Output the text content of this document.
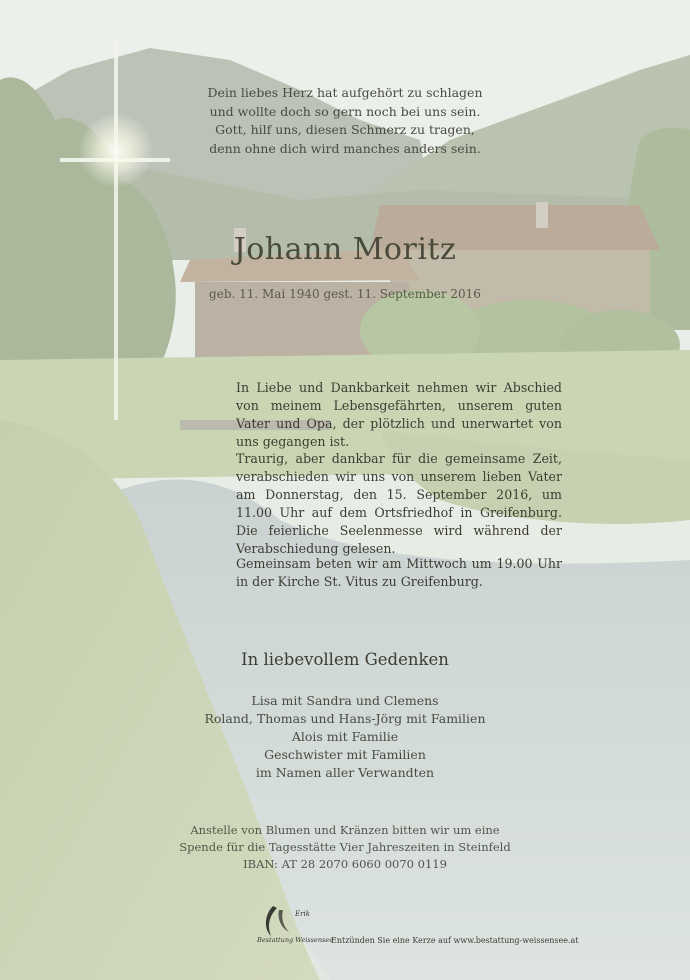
Dein liebes Herz hat aufgehört zu schlagen
und wollte doch so gern noch bei uns sein.
Gott, hilf uns, diesen Schmerz zu tragen,
denn ohne dich wird manches anders sein.
Johann Moritz
geb. 11. Mai 1940 gest. 11. September 2016
In Liebe und Dankbarkeit nehmen wir Abschied von meinem Lebensgefährten, unserem guten Vater und Opa, der plötzlich und unerwartet von uns gegangen ist.
Traurig, aber dankbar für die gemeinsame Zeit, verabschieden wir uns von unserem lieben Vater am Donnerstag, den 15. September 2016, um 11.00 Uhr auf dem Ortsfriedhof in Greifenburg. Die feierliche Seelenmesse wird während der Verabschiedung gelesen.
Gemeinsam beten wir am Mittwoch um 19.00 Uhr in der Kirche St. Vitus zu Greifenburg.
In liebevollem Gedenken
Lisa mit Sandra und Clemens
Roland, Thomas und Hans-Jörg mit Familien
Alois mit Familie
Geschwister mit Familien
im Namen aller Verwandten
Anstelle von Blumen und Kränzen bitten wir um eine
Spende für die Tagesstätte Vier Jahreszeiten in Steinfeld
IBAN: AT 28 2070 6060 0070 0119
Erik
Bestattung Weissensee
Entzünden Sie eine Kerze auf www.bestattung-weissensee.at
